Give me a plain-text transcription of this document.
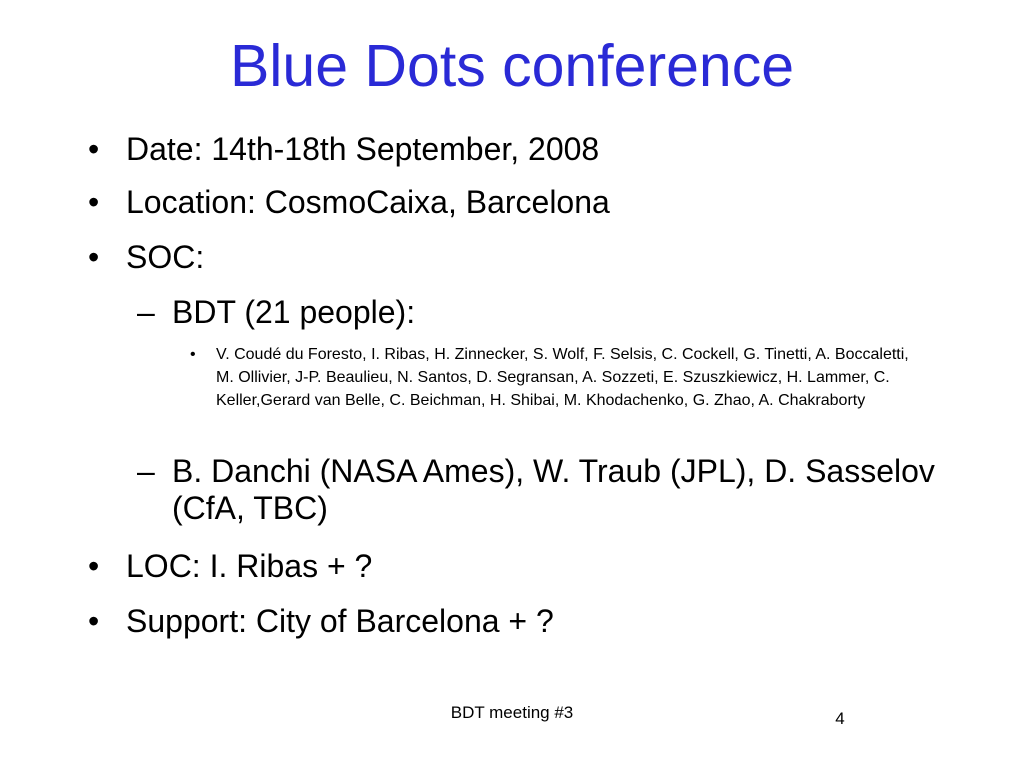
Blue Dots conference
• Date: 14th-18th September, 2008
• Location: CosmoCaixa, Barcelona
• SOC:
– BDT (21 people):
• V. Coudé du Foresto, I. Ribas, H. Zinnecker, S. Wolf, F. Selsis, C. Cockell, G. Tinetti, A. Boccaletti, M. Ollivier, J-P. Beaulieu, N. Santos, D. Segransan, A. Sozzeti, E. Szuszkiewicz, H. Lammer, C. Keller,Gerard van Belle, C. Beichman, H. Shibai, M. Khodachenko, G. Zhao, A. Chakraborty
– B. Danchi (NASA Ames), W. Traub (JPL), D. Sasselov (CfA, TBC)
• LOC: I. Ribas + ?
• Support: City of Barcelona + ?
BDT meeting #3	4
